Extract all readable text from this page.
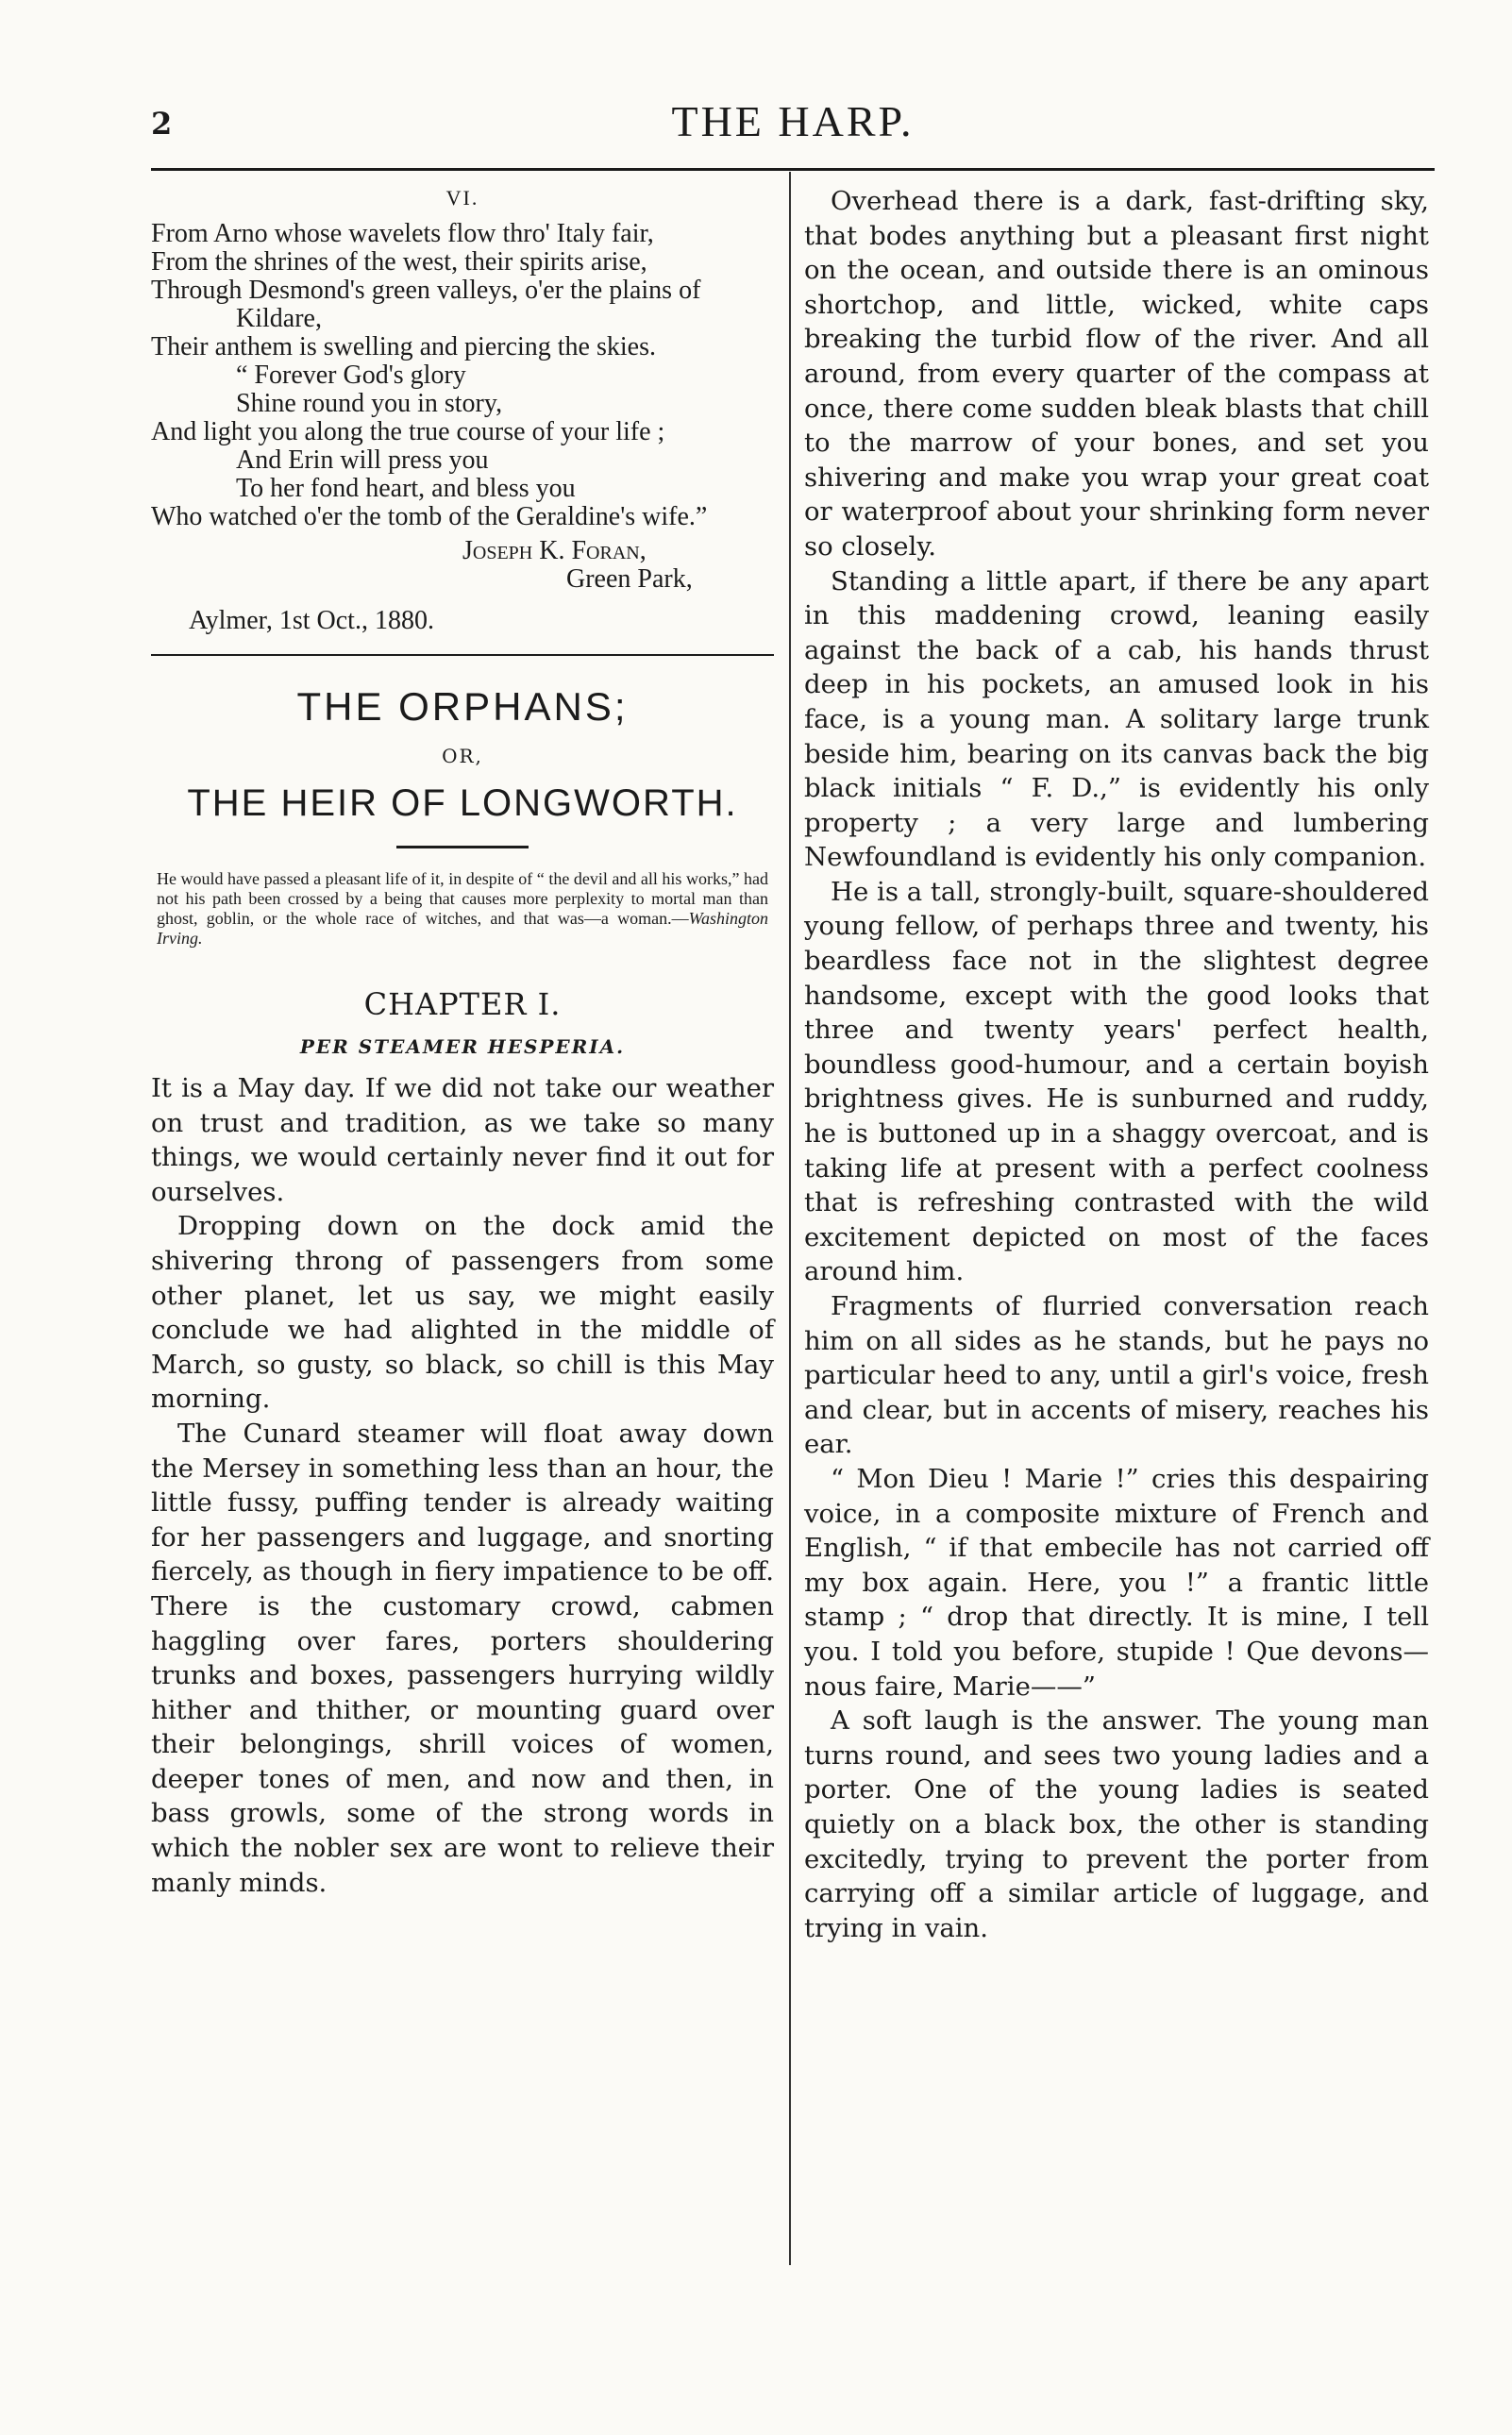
2	THE HARP.
VI.
From Arno whose wavelets flow thro' Italy fair,
From the shrines of the west, their spirits arise,
Through Desmond's green valleys, o'er the plains of Kildare,
Their anthem is swelling and piercing the skies.
“ Forever God's glory
Shine round you in story,
And light you along the true course of your life ;
And Erin will press you
To her fond heart, and bless you
Who watched o'er the tomb of the Geraldine's wife.”
Joseph K. Foran,
Green Park,
Aylmer, 1st Oct., 1880.
THE ORPHANS;
OR,
THE HEIR OF LONGWORTH.
He would have passed a pleasant life of it, in despite of “ the devil and all his works,” had not his path been crossed by a being that causes more perplexity to mortal man than ghost, goblin, or the whole race of witches, and that was—a woman.—Washington Irving.
CHAPTER I.
PER STEAMER HESPERIA.

It is a May day. If we did not take our weather on trust and tradition, as we take so many things, we would certainly never find it out for ourselves.

Dropping down on the dock amid the shivering throng of passengers from some other planet, let us say, we might easily conclude we had alighted in the middle of March, so gusty, so black, so chill is this May morning.

The Cunard steamer will float away down the Mersey in something less than an hour, the little fussy, puffing tender is already waiting for her passengers and luggage, and snorting fiercely, as though in fiery impatience to be off. There is the customary crowd, cabmen haggling over fares, porters shouldering trunks and boxes, passengers hurrying wildly hither and thither, or mounting guard over their belongings, shrill voices of women, deeper tones of men, and now and then, in bass growls, some of the strong words in which the nobler sex are wont to relieve their manly minds.

Overhead there is a dark, fast-drifting sky, that bodes anything but a pleasant first night on the ocean, and outside there is an ominous shortchop, and little, wicked, white caps breaking the turbid flow of the river. And all around, from every quarter of the compass at once, there come sudden bleak blasts that chill to the marrow of your bones, and set you shivering and make you wrap your great coat or waterproof about your shrinking form never so closely.

Standing a little apart, if there be any apart in this maddening crowd, leaning easily against the back of a cab, his hands thrust deep in his pockets, an amused look in his face, is a young man. A solitary large trunk beside him, bearing on its canvas back the big black initials “ F. D.,” is evidently his only property ; a very large and lumbering Newfoundland is evidently his only companion.

He is a tall, strongly-built, square-shouldered young fellow, of perhaps three and twenty, his beardless face not in the slightest degree handsome, except with the good looks that three and twenty years' perfect health, boundless good-humour, and a certain boyish brightness gives. He is sunburned and ruddy, he is buttoned up in a shaggy overcoat, and is taking life at present with a perfect coolness that is refreshing contrasted with the wild excitement depicted on most of the faces around him.

Fragments of flurried conversation reach him on all sides as he stands, but he pays no particular heed to any, until a girl's voice, fresh and clear, but in accents of misery, reaches his ear.

“ Mon Dieu ! Marie !” cries this despairing voice, in a composite mixture of French and English, “ if that embecile has not carried off my box again. Here, you !” a frantic little stamp ; “ drop that directly. It is mine, I tell you. I told you before, stupide ! Que devons—nous faire, Marie——”

A soft laugh is the answer. The young man turns round, and sees two young ladies and a porter. One of the young ladies is seated quietly on a black box, the other is standing excitedly, trying to prevent the porter from carrying off a similar article of luggage, and trying in vain.
